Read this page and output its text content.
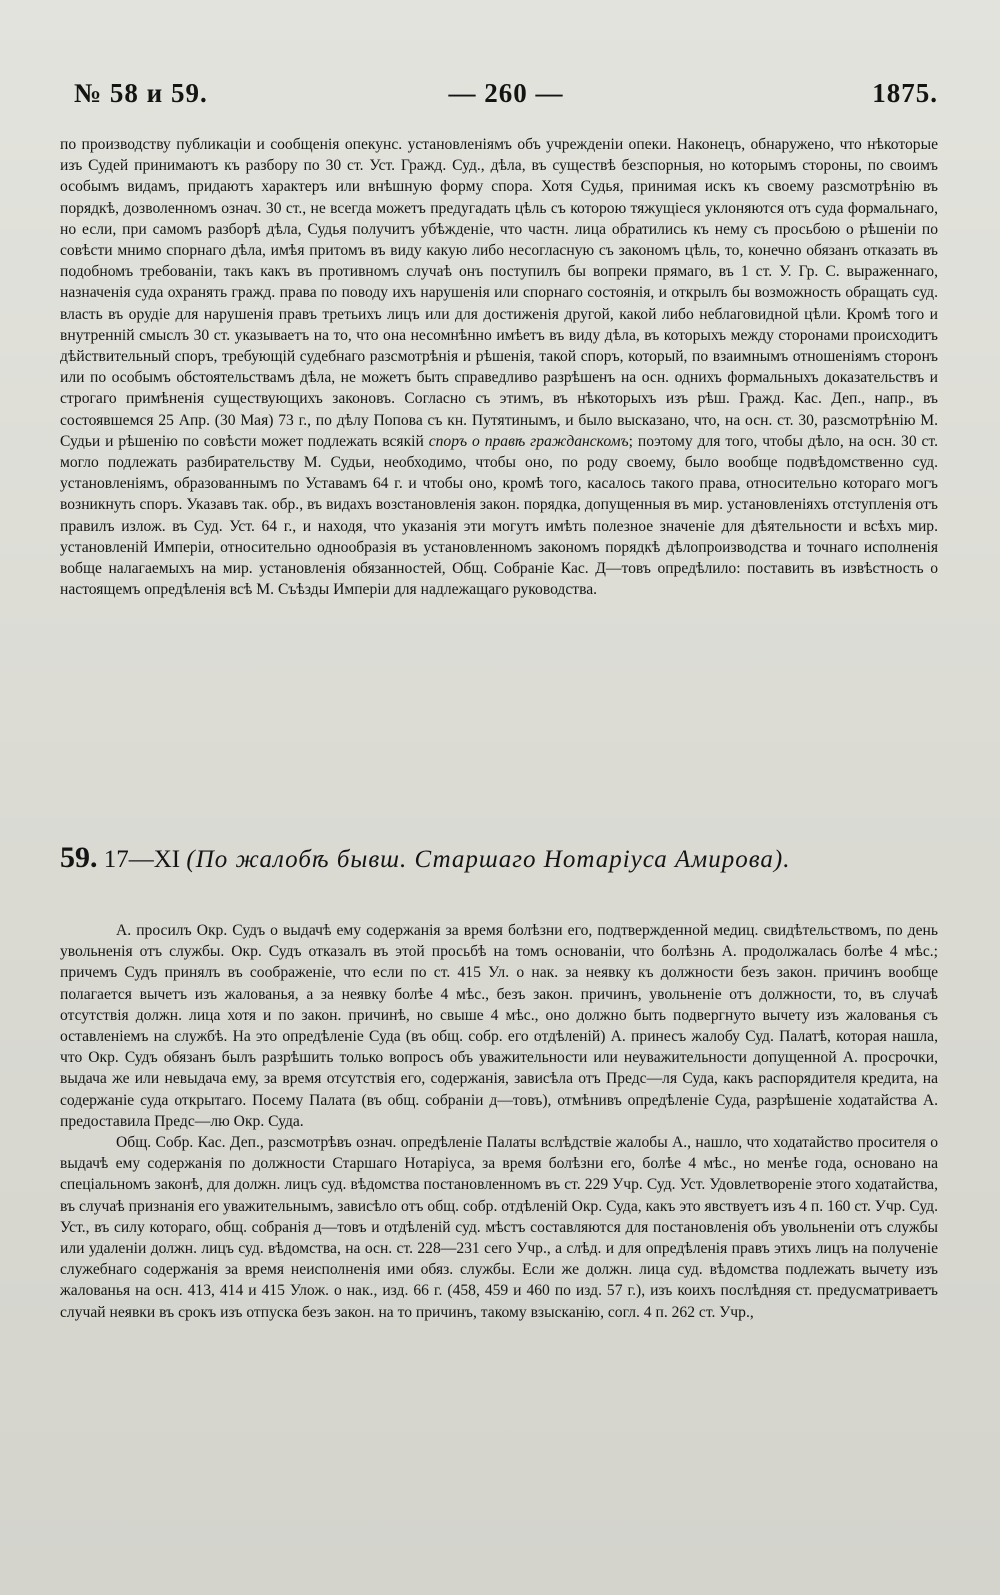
№ 58 и 59.	— 260 —	1875.

по производству публикаціи и сообщенія опекунс. установленіямъ объ учрежденіи опеки. Наконецъ, обнаружено, что нѣкоторые изъ Судей принимаютъ къ разбору по 30 ст. Уст. Гражд. Суд., дѣла, въ существѣ безспорныя, но которымъ стороны, по своимъ особымъ видамъ, придаютъ характеръ или внѣшную форму спора. Хотя Судья, принимая искъ къ своему разсмотрѣнію въ порядкѣ, дозволенномъ означ. 30 ст., не всегда можетъ предугадать цѣль съ которою тяжущіеся уклоняются отъ суда формальнаго, но если, при самомъ разборѣ дѣла, Судья получитъ убѣжденіе, что частн. лица обратились къ нему съ просьбою о рѣшеніи по совѣсти мнимо спорнаго дѣла, имѣя притомъ въ виду какую либо несогласную съ закономъ цѣль, то, конечно обязанъ отказать въ подобномъ требованіи, такъ какъ въ противномъ случаѣ онъ поступилъ бы вопреки прямаго, въ 1 ст. У. Гр. С. выраженнаго, назначенія суда охранять гражд. права по поводу ихъ нарушенія или спорнаго состоянія, и открылъ бы возможность обращать суд. власть въ орудіе для нарушенія правъ третьихъ лицъ или для достиженія другой, какой либо неблаговидной цѣли. Кромѣ того и внутренній смыслъ 30 ст. указываетъ на то, что она несомнѣнно имѣетъ въ виду дѣла, въ которыхъ между сторонами происходитъ дѣйствительный споръ, требующій судебнаго разсмотрѣнія и рѣшенія, такой споръ, который, по взаимнымъ отношеніямъ сторонъ или по особымъ обстоятельствамъ дѣла, не можетъ быть справедливо разрѣшенъ на осн. однихъ формальныхъ доказательствъ и строгаго примѣненія существующихъ законовъ. Согласно съ этимъ, въ нѣкоторыхъ изъ рѣш. Гражд. Кас. Деп., напр., въ состоявшемся 25 Апр. (30 Мая) 73 г., по дѣлу Попова съ кн. Путятинымъ, и было высказано, что, на осн. ст. 30, разсмотрѣнію М. Судьи и рѣшенію по совѣсти может подлежать всякій споръ о правѣ гражданскомъ; поэтому для того, чтобы дѣло, на осн. 30 ст. могло подлежать разбирательству М. Судьи, необходимо, чтобы оно, по роду своему, было вообще подвѣдомственно суд. установленіямъ, образованнымъ по Уставамъ 64 г. и чтобы оно, кромѣ того, касалось такого права, относительно котораго могъ возникнуть споръ. Указавъ так. обр., въ видахъ возстановленія закон. порядка, допущенныя въ мир. установленіяхъ отступленія отъ правилъ излож. въ Суд. Уст. 64 г., и находя, что указанія эти могутъ имѣть полезное значеніе для дѣятельности и всѣхъ мир. установленій Имперіи, относительно однообразія въ установленномъ закономъ порядкѣ дѣлопроизводства и точнаго исполненія вобще налагаемыхъ на мир. установленія обязанностей, Общ. Собраніе Кас. Д—товъ опредѣлило: поставить въ извѣстность о настоящемъ опредѣленія всѣ М. Съѣзды Имперіи для надлежащаго руководства.

59. 17—XI (По жалобѣ бывш. Старшаго Нотаріуса Амирова).

А. просилъ Окр. Судъ о выдачѣ ему содержанія за время болѣзни его, подтвержденной медиц. свидѣтельствомъ, по день увольненія отъ службы. Окр. Судъ отказалъ въ этой просьбѣ на томъ основаніи, что болѣзнь А. продолжалась болѣе 4 мѣс.; причемъ Судъ принялъ въ соображеніе, что если по ст. 415 Ул. о нак. за неявку къ должности безъ закон. причинъ вообще полагается вычетъ изъ жалованья, а за неявку болѣе 4 мѣс., безъ закон. причинъ, увольненіе отъ должности, то, въ случаѣ отсутствія должн. лица хотя и по закон. причинѣ, но свыше 4 мѣс., оно должно быть подвергнуто вычету изъ жалованья съ оставленіемъ на службѣ. На это опредѣленіе Суда (въ общ. собр. его отдѣленій) А. принесъ жалобу Суд. Палатѣ, которая нашла, что Окр. Судъ обязанъ былъ разрѣшить только вопросъ объ уважительности или неуважительности допущенной А. просрочки, выдача же или невыдача ему, за время отсутствія его, содержанія, зависѣла отъ Предс—ля Суда, какъ распорядителя кредита, на содержаніе суда открытаго. Посему Палата (въ общ. собраніи д—товъ), отмѣнивъ опредѣленіе Суда, разрѣшеніе ходатайства А. предоставила Предс—лю Окр. Суда.

Общ. Собр. Кас. Деп., разсмотрѣвъ означ. опредѣленіе Палаты вслѣдствіе жалобы А., нашло, что ходатайство просителя о выдачѣ ему содержанія по должности Старшаго Нотаріуса, за время болѣзни его, болѣе 4 мѣс., но менѣе года, основано на спеціальномъ законѣ, для должн. лицъ суд. вѣдомства постановленномъ въ ст. 229 Учр. Суд. Уст. Удовлетвореніе этого ходатайства, въ случаѣ признанія его уважительнымъ, зависѣло отъ общ. собр. отдѣленій Окр. Суда, какъ это явствуетъ изъ 4 п. 160 ст. Учр. Суд. Уст., въ силу котораго, общ. собранія д—товъ и отдѣленій суд. мѣстъ составляются для постановленія объ увольненіи отъ службы или удаленіи должн. лицъ суд. вѣдомства, на осн. ст. 228—231 сего Учр., а слѣд. и для опредѣленія правъ этихъ лицъ на полученіе служебнаго содержанія за время неисполненія ими обяз. службы. Если же должн. лица суд. вѣдомства подлежать вычету изъ жалованья на осн. 413, 414 и 415 Улож. о нак., изд. 66 г. (458, 459 и 460 по изд. 57 г.), изъ коихъ послѣдняя ст. предусматриваетъ случай неявки въ срокъ изъ отпуска безъ закон. на то причинъ, такому взысканію, согл. 4 п. 262 ст. Учр.,
